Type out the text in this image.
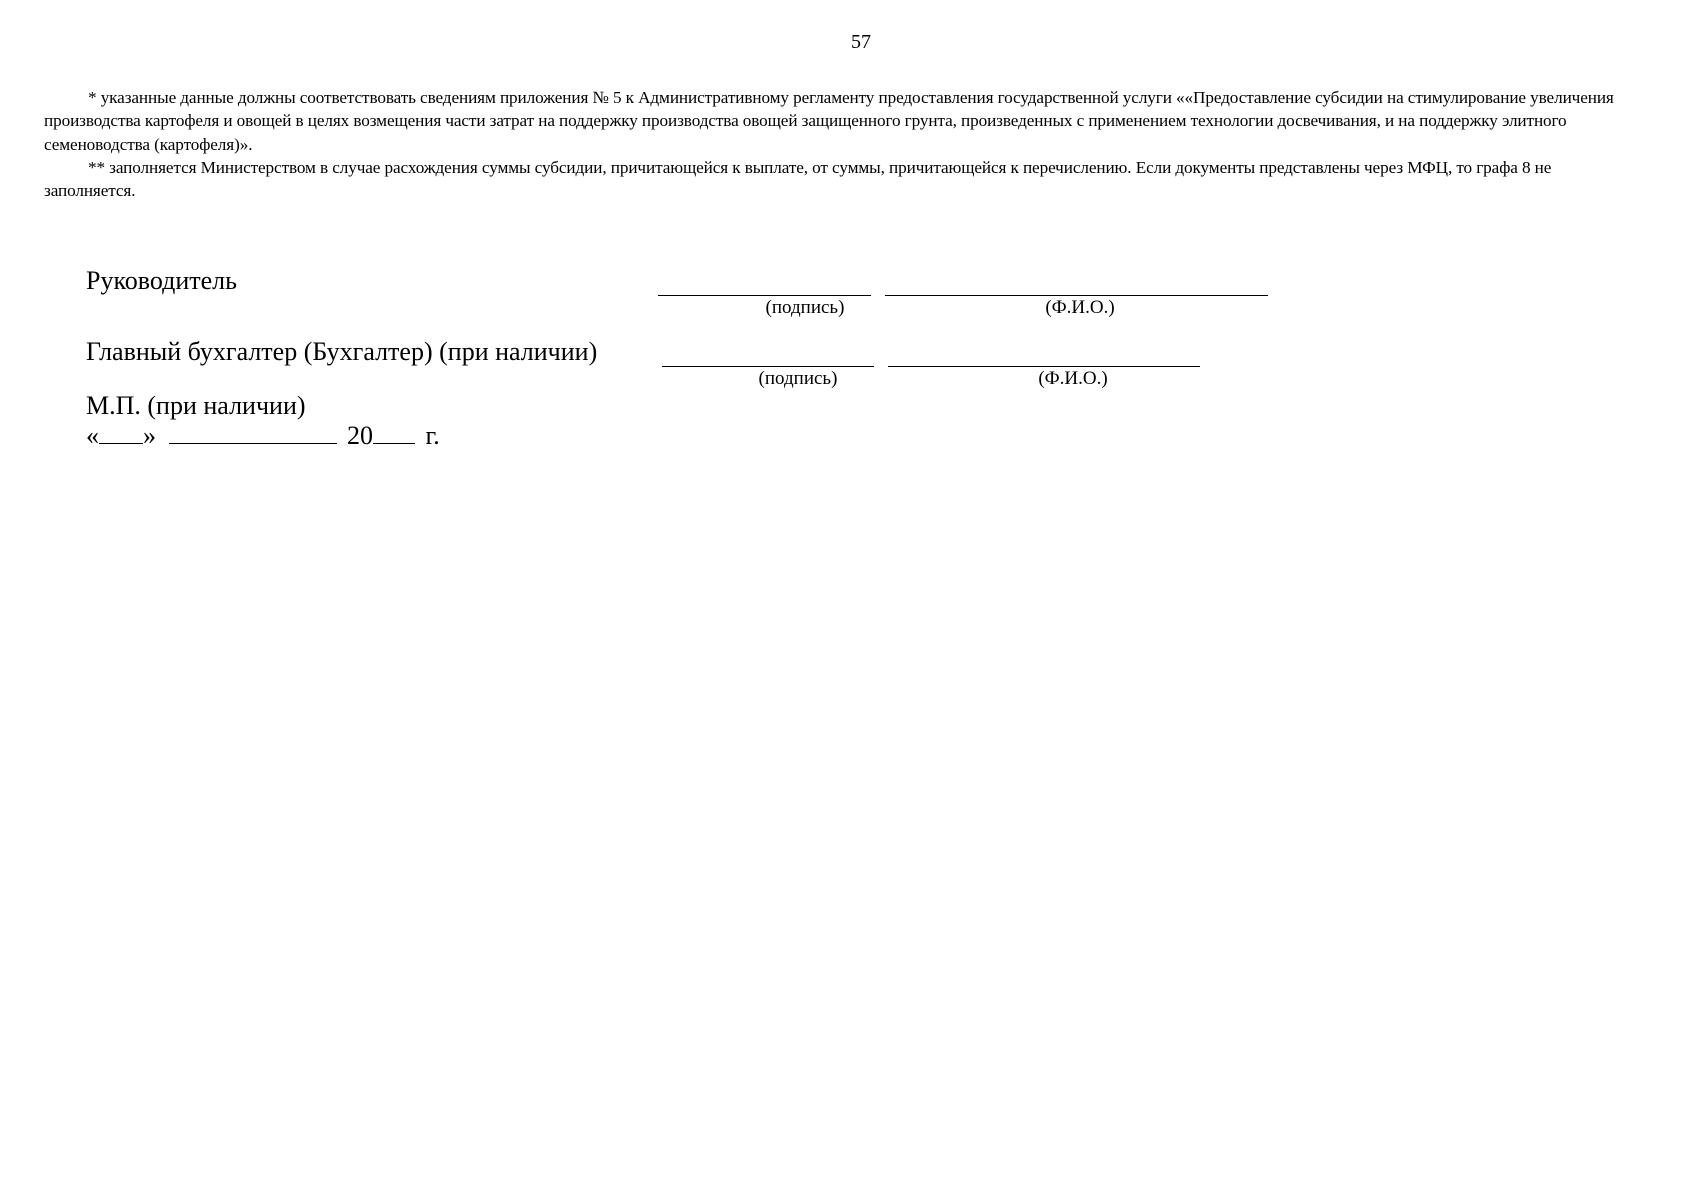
57

* указанные данные должны соответствовать сведениям приложения № 5 к Административному регламенту предоставления государственной услуги ««Предоставление субсидии на стимулирование увеличения производства картофеля и овощей в целях возмещения части затрат на поддержку производства овощей защищенного грунта, произведенных с применением технологии досвечивания, и на поддержку элитного семеноводства (картофеля)».

** заполняется Министерством в случае расхождения суммы субсидии, причитающейся к выплате, от суммы, причитающейся к перечислению. Если документы представлены через МФЦ, то графа 8 не заполняется.

Руководитель
(подпись)	(Ф.И.О.)
Главный бухгалтер (Бухгалтер) (при наличии)
(подпись)	(Ф.И.О.)
М.П. (при наличии)
« »	20 г.
